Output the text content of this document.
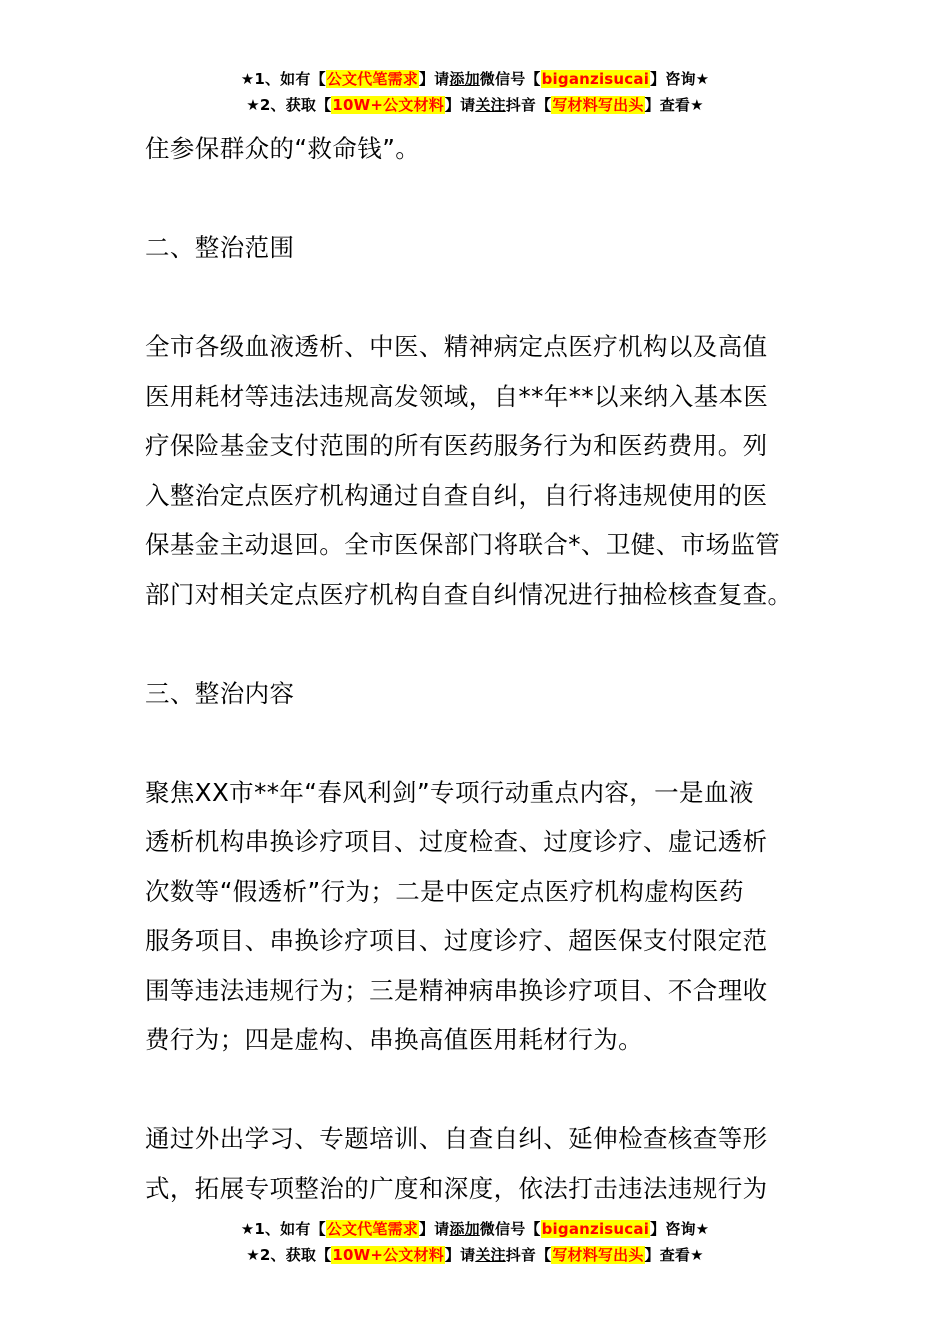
★1、如有【公文代笔需求】请添加微信号【biganzisucai】咨询★
★2、获取【10W+公文材料】请关注抖音【写材料写出头】查看★

住参保群众的“救命钱”。

二、整治范围

全市各级血液透析、中医、精神病定点医疗机构以及高值

医用耗材等违法违规高发领域，自**年**以来纳入基本医

疗保险基金支付范围的所有医药服务行为和医药费用。列

入整治定点医疗机构通过自查自纠，自行将违规使用的医

保基金主动退回。全市医保部门将联合*、卫健、市场监管

部门对相关定点医疗机构自查自纠情况进行抽检核查复查。

三、整治内容

聚焦XX市**年“春风利剑”专项行动重点内容，一是血液

透析机构串换诊疗项目、过度检查、过度诊疗、虚记透析

次数等“假透析”行为；二是中医定点医疗机构虚构医药

服务项目、串换诊疗项目、过度诊疗、超医保支付限定范

围等违法违规行为；三是精神病串换诊疗项目、不合理收

费行为；四是虚构、串换高值医用耗材行为。

通过外出学习、专题培训、自查自纠、延伸检查核查等形

式，拓展专项整治的广度和深度，依法打击违法违规行为

★1、如有【公文代笔需求】请添加微信号【biganzisucai】咨询★
★2、获取【10W+公文材料】请关注抖音【写材料写出头】查看★
